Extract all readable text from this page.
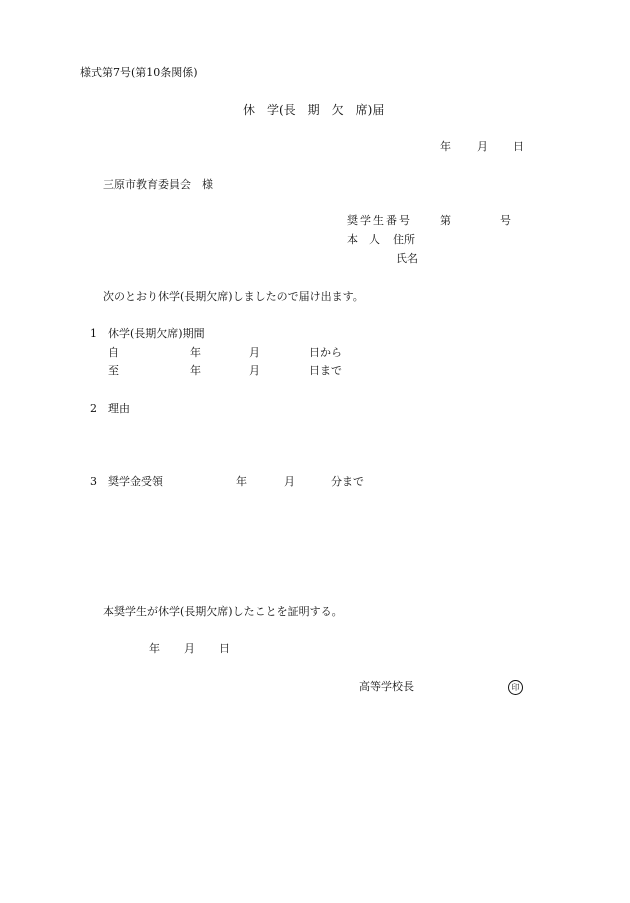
様式第7号(第10条関係)
休　学(長　期　欠　席)届
年 月 日
三原市教育委員会　様
奨学生番号	第	号
本　人 住所
氏名
次のとおり休学(長期欠席)しましたので届け出ます。
1 休学(長期欠席)期間
自	年	月	日から
至	年	月	日まで
2 理由
3 奨学金受領	年	月	分まで
本奨学生が休学(長期欠席)したことを証明する。
年 月 日
高等学校長	印
